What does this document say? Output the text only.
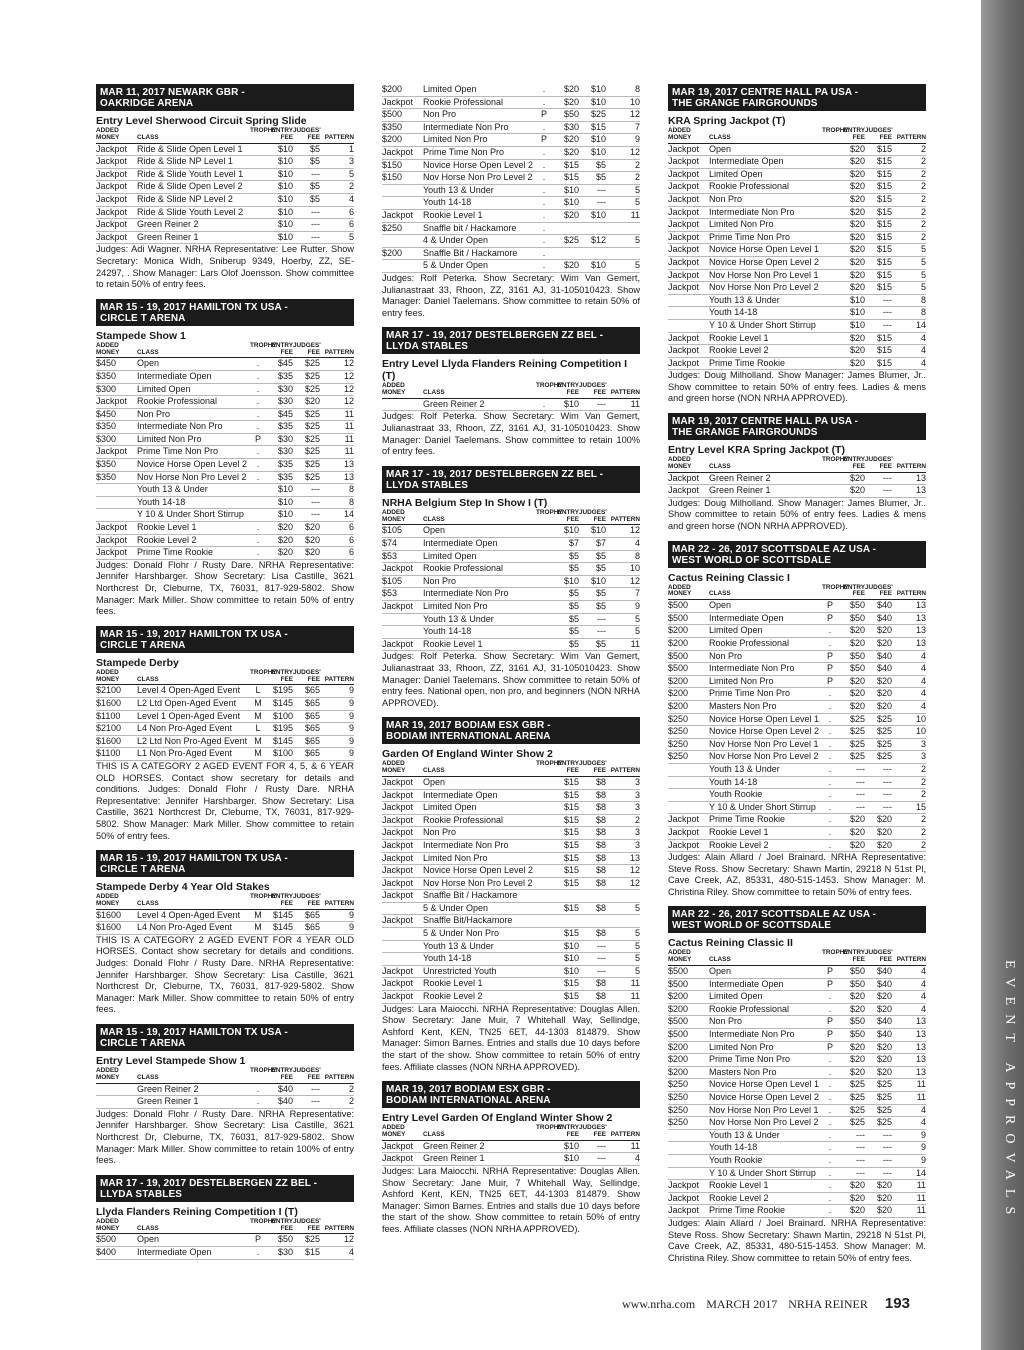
MAR 11, 2017 NEWARK GBR -
OAKRIDGE ARENA
Entry Level Sherwood Circuit Spring Slide
ADDED		TROPHY	ENTRY	JUDGES'	
MONEY	CLASS		FEE	FEE	PATTERN
Jackpot	Ride & Slide Open Level 1		$10	$5	1
Jackpot	Ride & Slide NP Level 1		$10	$5	3
Jackpot	Ride & Slide Youth Level 1		$10	---	5
Jackpot	Ride & Slide Open Level 2		$10	$5	2
Jackpot	Ride & Slide NP Level 2		$10	$5	4
Jackpot	Ride & Slide Youth Level 2		$10	---	6
Jackpot	Green Reiner 2		$10	---	6
Jackpot	Green Reiner 1		$10	---	5
Judges: Adi Wagner. NRHA Representative: Lee Rutter. Show Secretary: Monica Widh, Sniberup 9349, Hoerby, ZZ, SE-24297, . Show Manager: Lars Olof Joensson. Show committee to retain 50% of entry fees.
MAR 15 - 19, 2017 HAMILTON TX USA -
CIRCLE T ARENA
Stampede Show 1
ADDED		TROPHY	ENTRY	JUDGES'	
MONEY	CLASS		FEE	FEE	PATTERN
$450	Open	.	$45	$25	12
$350	Intermediate Open	.	$35	$25	12
$300	Limited Open	.	$30	$25	12
Jackpot	Rookie Professional	.	$30	$20	12
$450	Non Pro	.	$45	$25	11
$350	Intermediate Non Pro	.	$35	$25	11
$300	Limited Non Pro	P	$30	$25	11
Jackpot	Prime Time Non Pro	.	$30	$25	11
$350	Novice Horse Open Level 2	.	$35	$25	13
$350	Nov Horse Non Pro Level 2	.	$35	$25	13
	Youth 13 & Under		$10	---	8
	Youth 14-18		$10	---	8
	Y 10 & Under Short Stirrup		$10	---	14
Jackpot	Rookie Level 1	.	$20	$20	6
Jackpot	Rookie Level 2	.	$20	$20	6
Jackpot	Prime Time Rookie	.	$20	$20	6
Judges: Donald Flohr / Rusty Dare. NRHA Representative: Jennifer Harshbarger. Show Secretary: Lisa Castille, 3621 Northcrest Dr, Cleburne, TX, 76031, 817-929-5802. Show Manager: Mark Miller. Show committee to retain 50% of entry fees.
MAR 15 - 19, 2017 HAMILTON TX USA -
CIRCLE T ARENA
Stampede Derby
ADDED		TROPHY	ENTRY	JUDGES'	
MONEY	CLASS		FEE	FEE	PATTERN
$2100	Level 4 Open-Aged Event	L	$195	$65	9
$1600	L2 Ltd Open-Aged Event	M	$145	$65	9
$1100	Level 1 Open-Aged Event	M	$100	$65	9
$2100	L4 Non Pro-Aged Event	L	$195	$65	9
$1600	L2 Ltd Non Pro-Aged Event	M	$145	$65	9
$1100	L1 Non Pro-Aged Event	M	$100	$65	9
THIS IS A CATEGORY 2 AGED EVENT FOR 4, 5, & 6 YEAR OLD HORSES. Contact show secretary for details and conditions. Judges: Donald Flohr / Rusty Dare. NRHA Representative: Jennifer Harshbarger. Show Secretary: Lisa Castille, 3621 Northcrest Dr, Cleburne, TX, 76031, 817-929-5802. Show Manager: Mark Miller. Show committee to retain 50% of entry fees.
MAR 15 - 19, 2017 HAMILTON TX USA -
CIRCLE T ARENA
Stampede Derby 4 Year Old Stakes
ADDED		TROPHY	ENTRY	JUDGES'	
MONEY	CLASS		FEE	FEE	PATTERN
$1600	Level 4 Open-Aged Event	M	$145	$65	9
$1600	L4 Non Pro-Aged Event	M	$145	$65	9
THIS IS A CATEGORY 2 AGED EVENT FOR 4 YEAR OLD HORSES. Contact show secretary for details and conditions. Judges: Donald Flohr / Rusty Dare. NRHA Representative: Jennifer Harshbarger. Show Secretary: Lisa Castille, 3621 Northcrest Dr, Cleburne, TX, 76031, 817-929-5802. Show Manager: Mark Miller. Show committee to retain 50% of entry fees.
MAR 15 - 19, 2017 HAMILTON TX USA -
CIRCLE T ARENA
Entry Level Stampede Show 1
ADDED		TROPHY	ENTRY	JUDGES'	
MONEY	CLASS		FEE	FEE	PATTERN
	Green Reiner 2	.	$40	---	2
	Green Reiner 1	.	$40	---	2
Judges: Donald Flohr / Rusty Dare. NRHA Representative: Jennifer Harshbarger. Show Secretary: Lisa Castille, 3621 Northcrest Dr, Cleburne, TX, 76031, 817-929-5802. Show Manager: Mark Miller. Show committee to retain 100% of entry fees.
MAR 17 - 19, 2017 DESTELBERGEN ZZ BEL -
LLYDA STABLES
Llyda Flanders Reining Competition I (T)
ADDED		TROPHY	ENTRY	JUDGES'	
MONEY	CLASS		FEE	FEE	PATTERN
$500	Open	P	$50	$25	12
$400	Intermediate Open	.	$30	$15	4
$200	Limited Open	.	$20	$10	8
Jackpot	Rookie Professional	.	$20	$10	10
$500	Non Pro	P	$50	$25	12
$350	Intermediate Non Pro	.	$30	$15	7
$200	Limited Non Pro	P	$20	$10	9
Jackpot	Prime Time Non Pro	.	$20	$10	12
$150	Novice Horse Open Level 2	.	$15	$5	2
$150	Nov Horse Non Pro Level 2	.	$15	$5	2
	Youth 13 & Under	.	$10	---	5
	Youth 14-18	.	$10	---	5
Jackpot	Rookie Level 1	.	$20	$10	11
$250	Snaffle bit / Hackamore	.			
	4 & Under Open	.	$25	$12	5
$200	Snaffle Bit / Hackamore	.			
	5 & Under Open	.	$20	$10	5
Judges: Rolf Peterka. Show Secretary: Wim Van Gemert, Julianastraat 33, Rhoon, ZZ, 3161 AJ, 31-105010423. Show Manager: Daniel Taelemans. Show committee to retain 50% of entry fees.
MAR 17 - 19, 2017 DESTELBERGEN ZZ BEL -
LLYDA STABLES
Entry Level Llyda Flanders Reining Competition I (T)
ADDED		TROPHY	ENTRY	JUDGES'	
MONEY	CLASS		FEE	FEE	PATTERN
	Green Reiner 2	.	$10	---	11
Judges: Rolf Peterka. Show Secretary: Wim Van Gemert, Julianastraat 33, Rhoon, ZZ, 3161 AJ, 31-105010423. Show Manager: Daniel Taelemans. Show committee to retain 100% of entry fees.
MAR 17 - 19, 2017 DESTELBERGEN ZZ BEL -
LLYDA STABLES
NRHA Belgium Step In Show I (T)
ADDED		TROPHY	ENTRY	JUDGES'	
MONEY	CLASS		FEE	FEE	PATTERN
$105	Open		$10	$10	12
$74	Intermediate Open		$7	$7	4
$53	Limited Open		$5	$5	8
Jackpot	Rookie Professional		$5	$5	10
$105	Non Pro		$10	$10	12
$53	Intermediate Non Pro		$5	$5	7
Jackpot	Limited Non Pro		$5	$5	9
	Youth 13 & Under		$5	---	5
	Youth 14-18		$5	---	5
Jackpot	Rookie Level 1		$5	$5	11
Judges: Rolf Peterka. Show Secretary: Wim Van Gemert, Julianastraat 33, Rhoon, ZZ, 3161 AJ, 31-105010423. Show Manager: Daniel Taelemans. Show committee to retain 50% of entry fees. National open, non pro, and beginners (NON NRHA APPROVED).
MAR 19, 2017 BODIAM ESX GBR -
BODIAM INTERNATIONAL ARENA
Garden Of England Winter Show 2
ADDED		TROPHY	ENTRY	JUDGES'	
MONEY	CLASS		FEE	FEE	PATTERN
Jackpot	Open		$15	$8	3
Jackpot	Intermediate Open		$15	$8	3
Jackpot	Limited Open		$15	$8	3
Jackpot	Rookie Professional		$15	$8	2
Jackpot	Non Pro		$15	$8	3
Jackpot	Intermediate Non Pro		$15	$8	3
Jackpot	Limited Non Pro		$15	$8	13
Jackpot	Novice Horse Open Level 2		$15	$8	12
Jackpot	Nov Horse Non Pro Level 2		$15	$8	12
Jackpot	Snaffle Bit / Hackamore				
	5 & Under Open		$15	$8	5
Jackpot	Snaffle Bit/Hackamore				
	5 & Under Non Pro		$15	$8	5
	Youth 13 & Under		$10	---	5
	Youth 14-18		$10	---	5
Jackpot	Unrestricted Youth		$10	---	5
Jackpot	Rookie Level 1		$15	$8	11
Jackpot	Rookie Level 2		$15	$8	11
Judges: Lara Maiocchi. NRHA Representative: Douglas Allen. Show Secretary: Jane Muir, 7 Whitehall Way, Sellindge, Ashford Kent, KEN, TN25 6ET, 44-1303 814879. Show Manager: Simon Barnes. Entries and stalls due 10 days before the start of the show. Show committee to retain 50% of entry fees. Affiliate classes (NON NRHA APPROVED).
MAR 19, 2017 BODIAM ESX GBR -
BODIAM INTERNATIONAL ARENA
Entry Level Garden Of England Winter Show 2
ADDED		TROPHY	ENTRY	JUDGES'	
MONEY	CLASS		FEE	FEE	PATTERN
Jackpot	Green Reiner 2		$10	---	11
Jackpot	Green Reiner 1		$10	---	4
Judges: Lara Maiocchi. NRHA Representative: Douglas Allen. Show Secretary: Jane Muir, 7 Whitehall Way, Sellindge, Ashford Kent, KEN, TN25 6ET, 44-1303 814879. Show Manager: Simon Barnes. Entries and stalls due 10 days before the start of the show. Show committee to retain 50% of entry fees. Affiliate classes (NON NRHA APPROVED).
MAR 19, 2017 CENTRE HALL PA USA -
THE GRANGE FAIRGROUNDS
KRA Spring Jackpot (T)
ADDED		TROPHY	ENTRY	JUDGES'	
MONEY	CLASS		FEE	FEE	PATTERN
Jackpot	Open		$20	$15	2
Jackpot	Intermediate Open		$20	$15	2
Jackpot	Limited Open		$20	$15	2
Jackpot	Rookie Professional		$20	$15	2
Jackpot	Non Pro		$20	$15	2
Jackpot	Intermediate Non Pro		$20	$15	2
Jackpot	Limited Non Pro		$20	$15	2
Jackpot	Prime Time Non Pro		$20	$15	2
Jackpot	Novice Horse Open Level 1		$20	$15	5
Jackpot	Novice Horse Open Level 2		$20	$15	5
Jackpot	Nov Horse Non Pro Level 1		$20	$15	5
Jackpot	Nov Horse Non Pro Level 2		$20	$15	5
	Youth 13 & Under		$10	---	8
	Youth 14-18		$10	---	8
	Y 10 & Under Short Stirrup		$10	---	14
Jackpot	Rookie Level 1		$20	$15	4
Jackpot	Rookie Level 2		$20	$15	4
Jackpot	Prime Time Rookie		$20	$15	4
Judges: Doug Milholland. Show Manager: James Blumer, Jr.. Show committee to retain 50% of entry fees. Ladies & mens and green horse (NON NRHA APPROVED).
MAR 19, 2017 CENTRE HALL PA USA -
THE GRANGE FAIRGROUNDS
Entry Level KRA Spring Jackpot (T)
ADDED		TROPHY	ENTRY	JUDGES'	
MONEY	CLASS		FEE	FEE	PATTERN
Jackpot	Green Reiner 2		$20	---	13
Jackpot	Green Reiner 1		$20	---	13
Judges: Doug Milholland. Show Manager: James Blumer, Jr.. Show committee to retain 50% of entry fees. Ladies & mens and green horse (NON NRHA APPROVED).
MAR 22 - 26, 2017 SCOTTSDALE AZ USA -
WEST WORLD OF SCOTTSDALE
Cactus Reining Classic I
ADDED		TROPHY	ENTRY	JUDGES'	
MONEY	CLASS		FEE	FEE	PATTERN
$500	Open	P	$50	$40	13
$500	Intermediate Open	P	$50	$40	13
$200	Limited Open	.	$20	$20	13
$200	Rookie Professional	.	$20	$20	13
$500	Non Pro	P	$50	$40	4
$500	Intermediate Non Pro	P	$50	$40	4
$200	Limited Non Pro	P	$20	$20	4
$200	Prime Time Non Pro	.	$20	$20	4
$200	Masters Non Pro	.	$20	$20	4
$250	Novice Horse Open Level 1	.	$25	$25	10
$250	Novice Horse Open Level 2	.	$25	$25	10
$250	Nov Horse Non Pro Level 1	.	$25	$25	3
$250	Nov Horse Non Pro Level 2	.	$25	$25	3
	Youth 13 & Under	.	---	---	2
	Youth 14-18	.	---	---	2
	Youth Rookie	.	---	---	2
	Y 10 & Under Short Stirrup	.	---	---	15
Jackpot	Prime Time Rookie	.	$20	$20	2
Jackpot	Rookie Level 1	.	$20	$20	2
Jackpot	Rookie Level 2	.	$20	$20	2
Judges: Alain Allard / Joel Brainard. NRHA Representative: Steve Ross. Show Secretary: Shawn Martin, 29218 N 51st Pl, Cave Creek, AZ, 85331, 480-515-1453. Show Manager: M. Christina Riley. Show committee to retain 50% of entry fees.
MAR 22 - 26, 2017 SCOTTSDALE AZ USA -
WEST WORLD OF SCOTTSDALE
Cactus Reining Classic II
ADDED		TROPHY	ENTRY	JUDGES'	
MONEY	CLASS		FEE	FEE	PATTERN
$500	Open	P	$50	$40	4
$500	Intermediate Open	P	$50	$40	4
$200	Limited Open	.	$20	$20	4
$200	Rookie Professional	.	$20	$20	4
$500	Non Pro	P	$50	$40	13
$500	Intermediate Non Pro	P	$50	$40	13
$200	Limited Non Pro	P	$20	$20	13
$200	Prime Time Non Pro	.	$20	$20	13
$200	Masters Non Pro	.	$20	$20	13
$250	Novice Horse Open Level 1	.	$25	$25	11
$250	Novice Horse Open Level 2	.	$25	$25	11
$250	Nov Horse Non Pro Level 1	.	$25	$25	4
$250	Nov Horse Non Pro Level 2	.	$25	$25	4
	Youth 13 & Under	.	---	---	9
	Youth 14-18	.	---	---	9
	Youth Rookie	.	---	---	9
	Y 10 & Under Short Stirrup	.	---	---	14
Jackpot	Rookie Level 1	.	$20	$20	11
Jackpot	Rookie Level 2	.	$20	$20	11
Jackpot	Prime Time Rookie	.	$20	$20	11
Judges: Alain Allard / Joel Brainard. NRHA Representative: Steve Ross. Show Secretary: Shawn Martin, 29218 N 51st Pl, Cave Creek, AZ, 85331, 480-515-1453. Show Manager: M. Christina Riley. Show committee to retain 50% of entry fees.
EVENT APPROVALS
www.nrha.com MARCH 2017 NRHA REINER 193
